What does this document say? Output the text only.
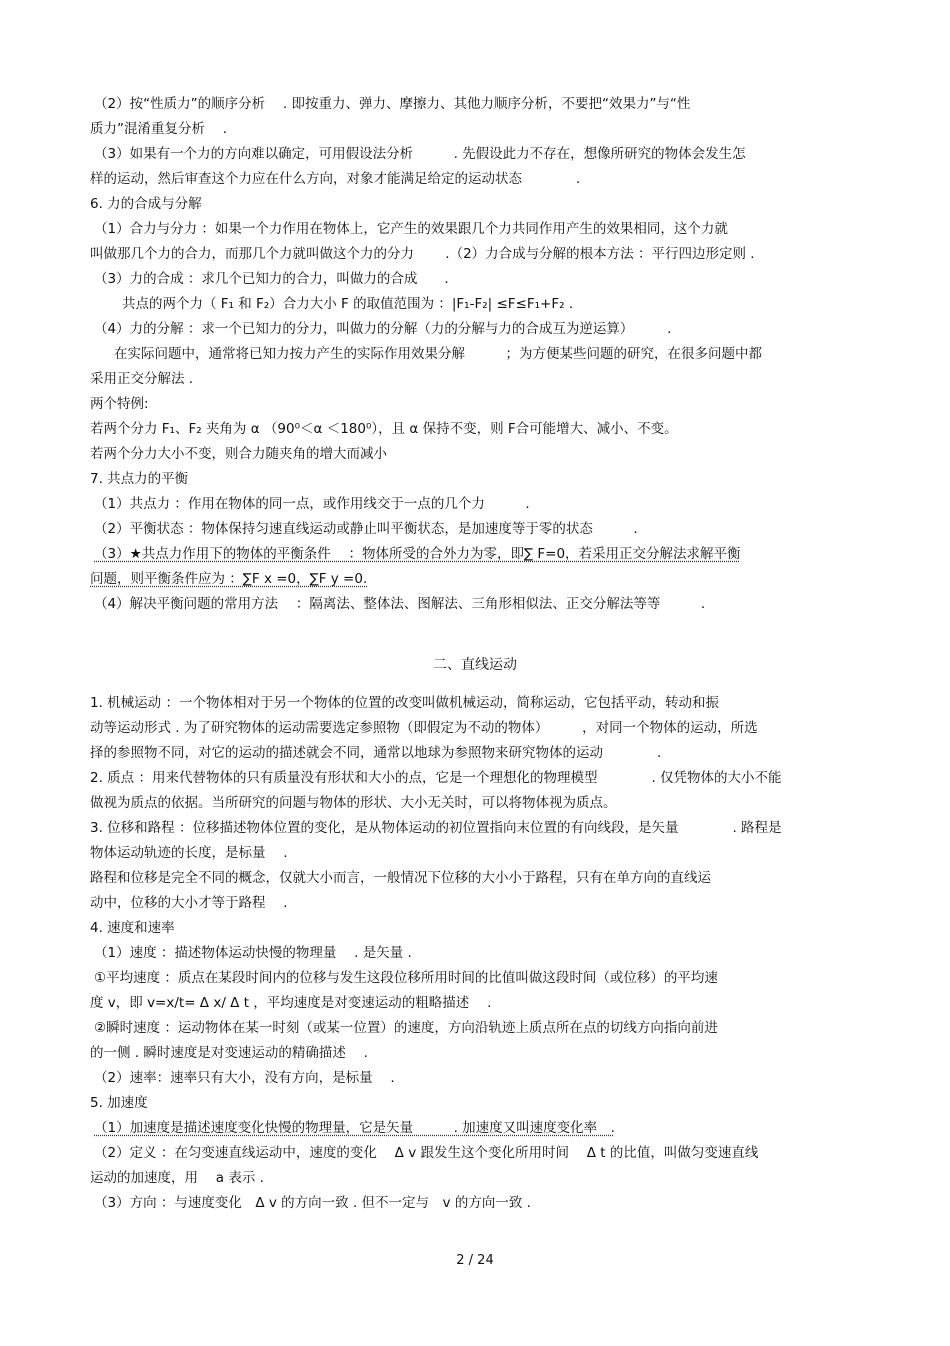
（2）按“性质力”的顺序分析　 . 即按重力、弹力、摩擦力、其他力顺序分析，不要把“效果力”与“性
质力”混淆重复分析　 .
（3）如果有一个力的方向难以确定，可用假设法分析　　　. 先假设此力不存在，想像所研究的物体会发生怎
样的运动，然后审查这个力应在什么方向，对象才能满足给定的运动状态　　　　.
6. 力的合成与分解
（1）合力与分力 ：如果一个力作用在物体上，它产生的效果跟几个力共同作用产生的效果相同，这个力就
叫做那几个力的合力，而那几个力就叫做这个力的分力　　 .（2）力合成与分解的根本方法 ：平行四边形定则 .
（3）力的合成 ：求几个已知力的合力，叫做力的合成　　.
共点的两个力（ F₁ 和 F₂）合力大小 F 的取值范围为 ：|F₁-F₂| ≤F≤F₁+F₂ .
（4）力的分解 ：求一个已知力的分力，叫做力的分解（力的分解与力的合成互为逆运算）　　　.
在实际问题中，通常将已知力按力产生的实际作用效果分解　　　；为方便某些问题的研究，在很多问题中都
采用正交分解法 .
两个特例:
若两个分力 F₁、F₂ 夹角为 α （90⁰＜α ＜180⁰），且 α 保持不变，则 F合可能增大、减小、不变。
若两个分力大小不变，则合力随夹角的增大而减小
7. 共点力的平衡
（1）共点力 ：作用在物体的同一点，或作用线交于一点的几个力　　　.
（2）平衡状态 ：物体保持匀速直线运动或静止叫平衡状态，是加速度等于零的状态　　　.
（3）★共点力作用下的物体的平衡条件　 ：物体所受的合外力为零，即∑ F=0，若采用正交分解法求解平衡
问题，则平衡条件应为 ：∑F x =0，∑F y =0.
（4）解决平衡问题的常用方法　 ：隔离法、整体法、图解法、三角形相似法、正交分解法等等　　　.
二、直线运动
1. 机械运动 ：一个物体相对于另一个物体的位置的改变叫做机械运动，简称运动，它包括平动，转动和振
动等运动形式 . 为了研究物体的运动需要选定参照物（即假定为不动的物体）　　　，对同一个物体的运动，所选
择的参照物不同，对它的运动的描述就会不同，通常以地球为参照物来研究物体的运动　　　　.
2. 质点 ：用来代替物体的只有质量没有形状和大小的点，它是一个理想化的物理模型　　　　. 仅凭物体的大小不能
做视为质点的依据。当所研究的问题与物体的形状、大小无关时，可以将物体视为质点。
3. 位移和路程 ：位移描述物体位置的变化，是从物体运动的初位置指向末位置的有向线段，是矢量　　　　. 路程是
物体运动轨迹的长度，是标量　 .
路程和位移是完全不同的概念，仅就大小而言，一般情况下位移的大小小于路程，只有在单方向的直线运
动中，位移的大小才等于路程　 .
4. 速度和速率
（1）速度 ：描述物体运动快慢的物理量　 . 是矢量 .
①平均速度 ：质点在某段时间内的位移与发生这段位移所用时间的比值叫做这段时间（或位移）的平均速
度 v，即 v=x/t= Δ x/ Δ t ，平均速度是对变速运动的粗略描述　 .
②瞬时速度 ：运动物体在某一时刻（或某一位置）的速度，方向沿轨迹上质点所在点的切线方向指向前进
的一侧 . 瞬时速度是对变速运动的精确描述　 .
（2）速率：速率只有大小，没有方向，是标量　 .
5. 加速度
（1）加速度是描述速度变化快慢的物理量，它是矢量　　　. 加速度又叫速度变化率　.
（2）定义 ：在匀变速直线运动中，速度的变化　 Δ v 跟发生这个变化所用时间　 Δ t 的比值，叫做匀变速直线
运动的加速度，用　 a 表示 .
（3）方向 ：与速度变化　Δ v 的方向一致 . 但不一定与　v 的方向一致 .
2 / 24
